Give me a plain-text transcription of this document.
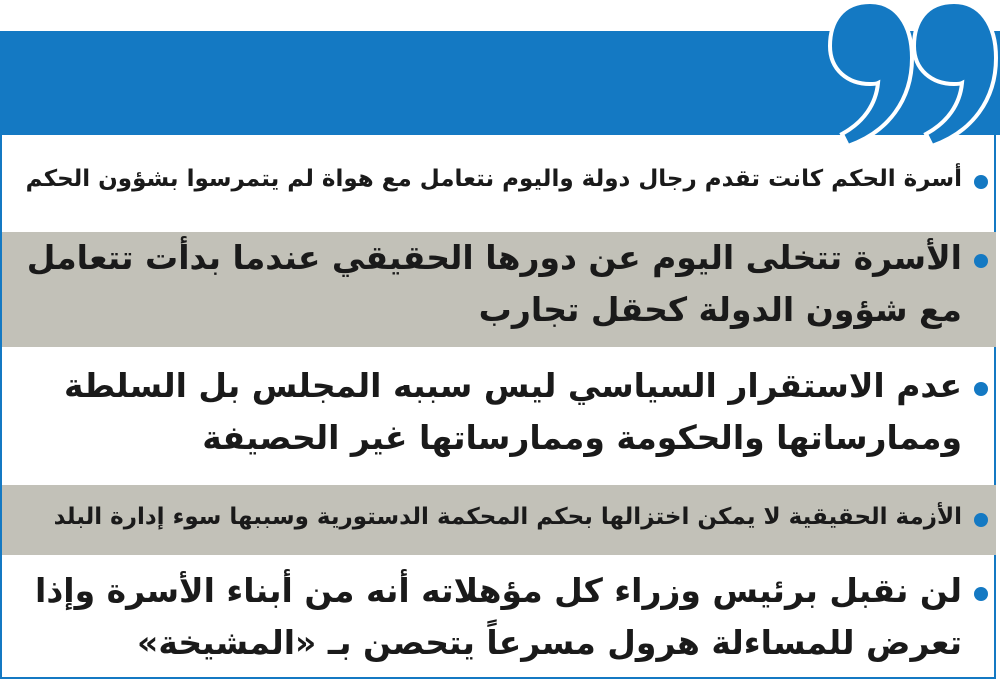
أسرة الحكم كانت تقدم رجال دولة واليوم نتعامل مع هواة لم يتمرسوا بشؤون الحكم
الأسرة تتخلى اليوم عن دورها الحقيقي عندما بدأت تتعامل مع شؤون الدولة كحقل تجارب
عدم الاستقرار السياسي ليس سببه المجلس بل السلطة وممارساتها والحكومة وممارساتها غير الحصيفة
الأزمة الحقيقية لا يمكن اختزالها بحكم المحكمة الدستورية وسببها سوء إدارة البلد
لن نقبل برئيس وزراء كل مؤهلاته أنه من أبناء الأسرة وإذا تعرض للمساءلة هرول مسرعاً يتحصن بـ «المشيخة»
